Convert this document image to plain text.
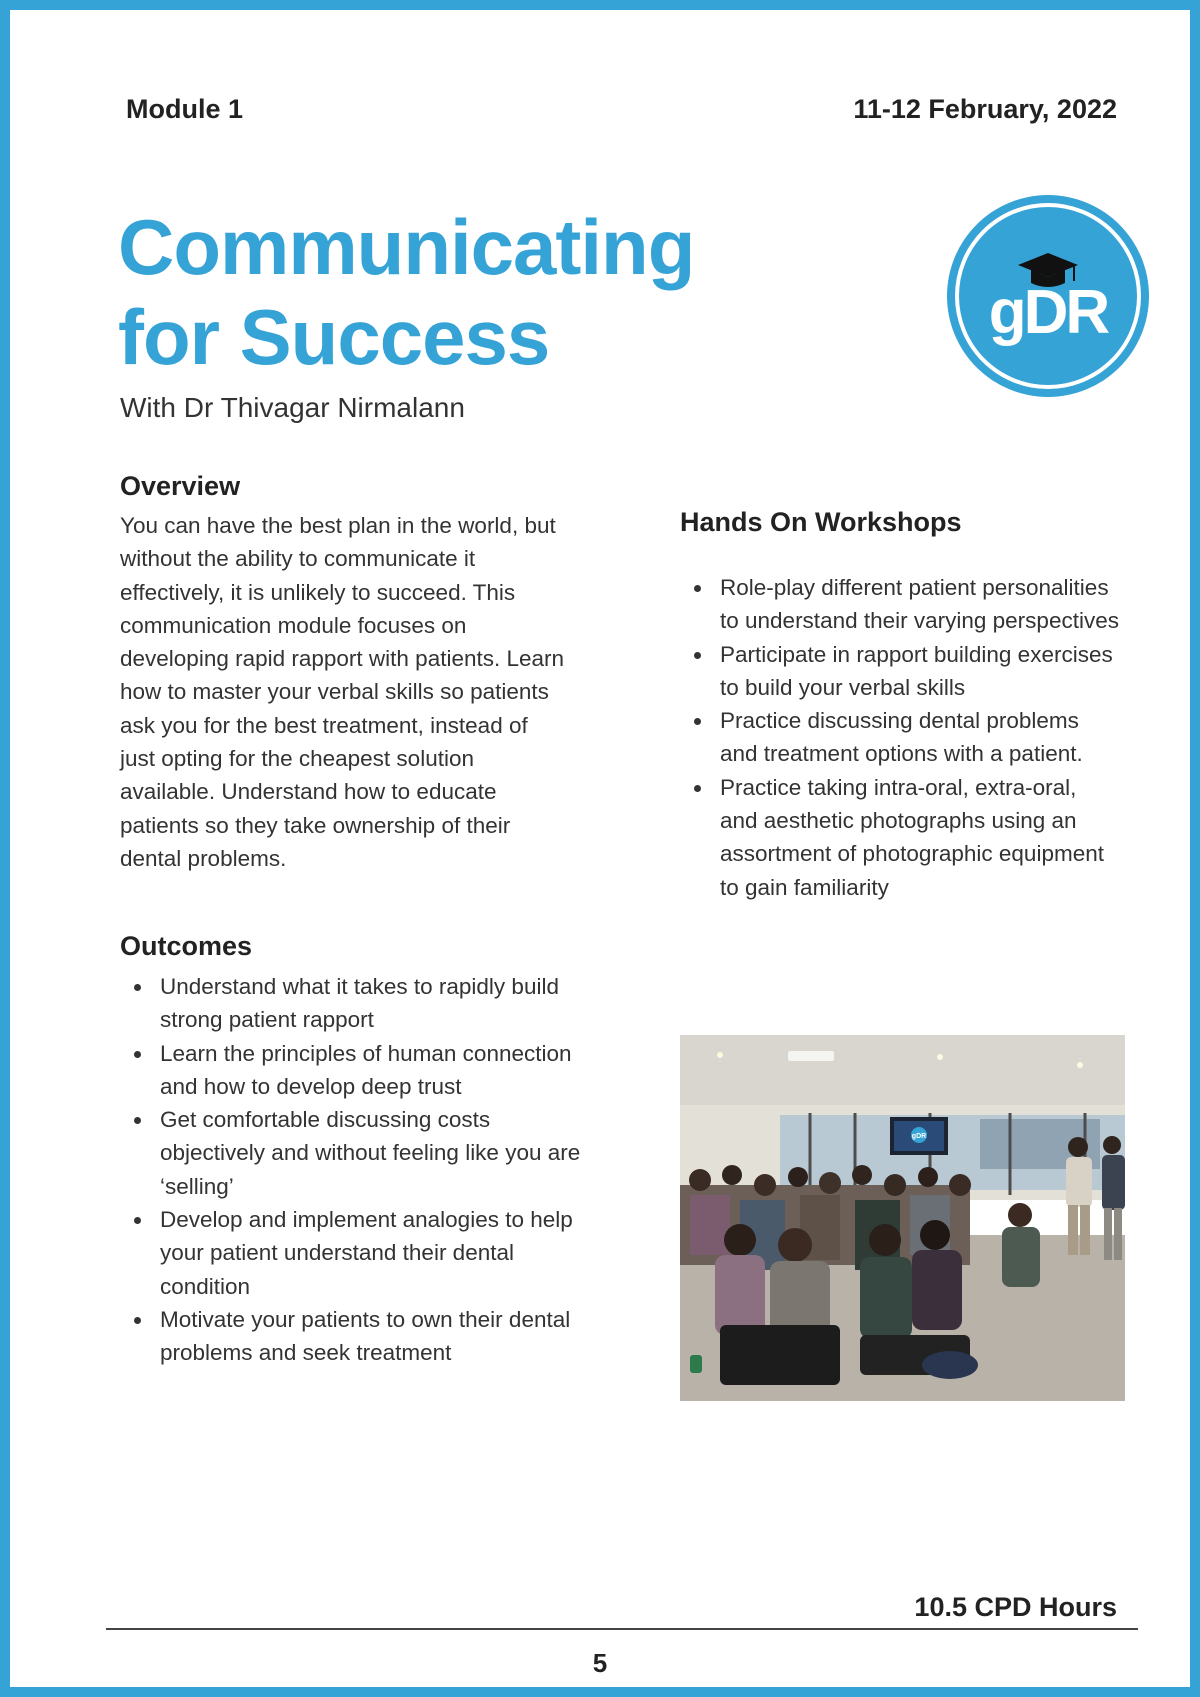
Module 1	11-12 February, 2022
Communicating
for Success
With Dr Thivagar Nirmalann
gDR
Overview

You can have the best plan in the world, but without the ability to communicate it effectively, it is unlikely to succeed. This communication module focuses on developing rapid rapport with patients. Learn how to master your verbal skills so patients ask you for the best treatment, instead of just opting for the cheapest solution available. Understand how to educate patients so they take ownership of their dental problems.

Outcomes
Understand what it takes to rapidly build strong patient rapport
Learn the principles of human connection and how to develop deep trust
Get comfortable discussing costs objectively and without feeling like you are ‘selling’
Develop and implement analogies to help your patient understand their dental condition
Motivate your patients to own their dental problems and seek treatment
Hands On Workshops
Role-play different patient personalities to understand their varying perspectives
Participate in rapport building exercises to build your verbal skills
Practice discussing dental problems and treatment options with a patient.
Practice taking intra-oral, extra-oral, and aesthetic photographs using an assortment of photographic equipment to gain familiarity
gDR
10.5 CPD Hours
5
